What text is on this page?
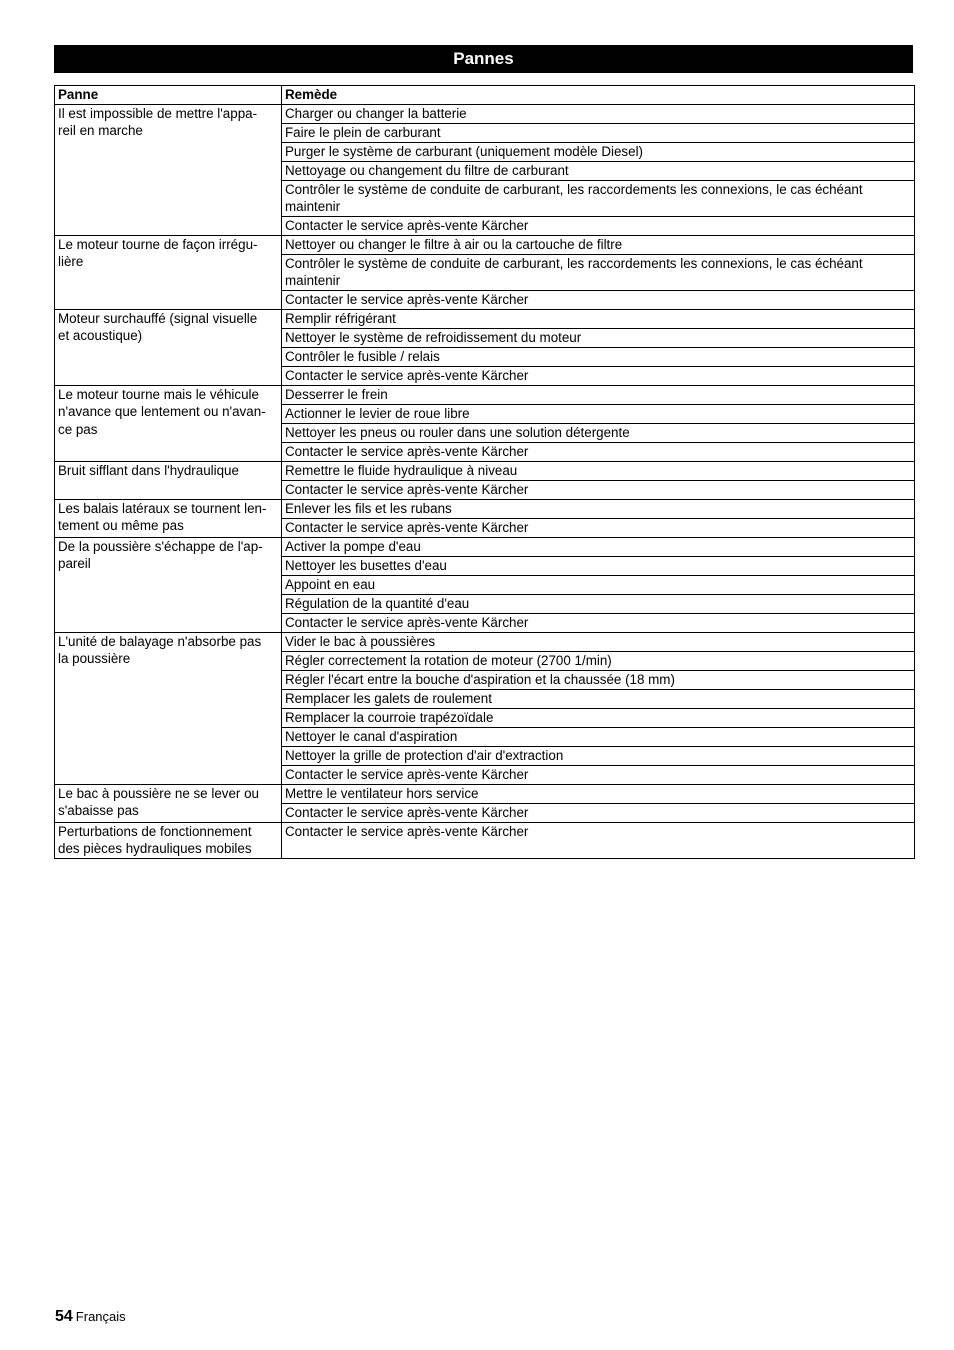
Pannes
Panne	Remède
Il est impossible de mettre l'appa-
reil en marche	Charger ou changer la batterie
	Faire le plein de carburant
	Purger le système de carburant (uniquement modèle Diesel)
	Nettoyage ou changement du filtre de carburant
	Contrôler le système de conduite de carburant, les raccordements les connexions, le cas échéant maintenir
	Contacter le service après-vente Kärcher
Le moteur tourne de façon irrégu-
lière	Nettoyer ou changer le filtre à air ou la cartouche de filtre
	Contrôler le système de conduite de carburant, les raccordements les connexions, le cas échéant maintenir
	Contacter le service après-vente Kärcher
Moteur surchauffé (signal visuelle
et acoustique)	Remplir réfrigérant
	Nettoyer le système de refroidissement du moteur
	Contrôler le fusible / relais
	Contacter le service après-vente Kärcher
Le moteur tourne mais le véhicule
n'avance que lentement ou n'avan-
ce pas	Desserrer le frein
	Actionner le levier de roue libre
	Nettoyer les pneus ou rouler dans une solution détergente
	Contacter le service après-vente Kärcher
Bruit sifflant dans l'hydraulique	Remettre le fluide hydraulique à niveau
	Contacter le service après-vente Kärcher
Les balais latéraux se tournent len-
tement ou même pas	Enlever les fils et les rubans
	Contacter le service après-vente Kärcher
De la poussière s'échappe de l'ap-
pareil	Activer la pompe d'eau
	Nettoyer les busettes d'eau
	Appoint en eau
	Régulation de la quantité d'eau
	Contacter le service après-vente Kärcher
L'unité de balayage n'absorbe pas
la poussière	Vider le bac à poussières
	Régler correctement la rotation de moteur (2700 1/min)
	Régler l'écart entre la bouche d'aspiration et la chaussée (18 mm)
	Remplacer les galets de roulement
	Remplacer la courroie trapézoïdale
	Nettoyer le canal d'aspiration
	Nettoyer la grille de protection d'air d'extraction
	Contacter le service après-vente Kärcher
Le bac à poussière ne se lever ou
s'abaisse pas	Mettre le ventilateur hors service
	Contacter le service après-vente Kärcher
Perturbations de fonctionnement
des pièces hydrauliques mobiles	Contacter le service après-vente Kärcher
54 Français
